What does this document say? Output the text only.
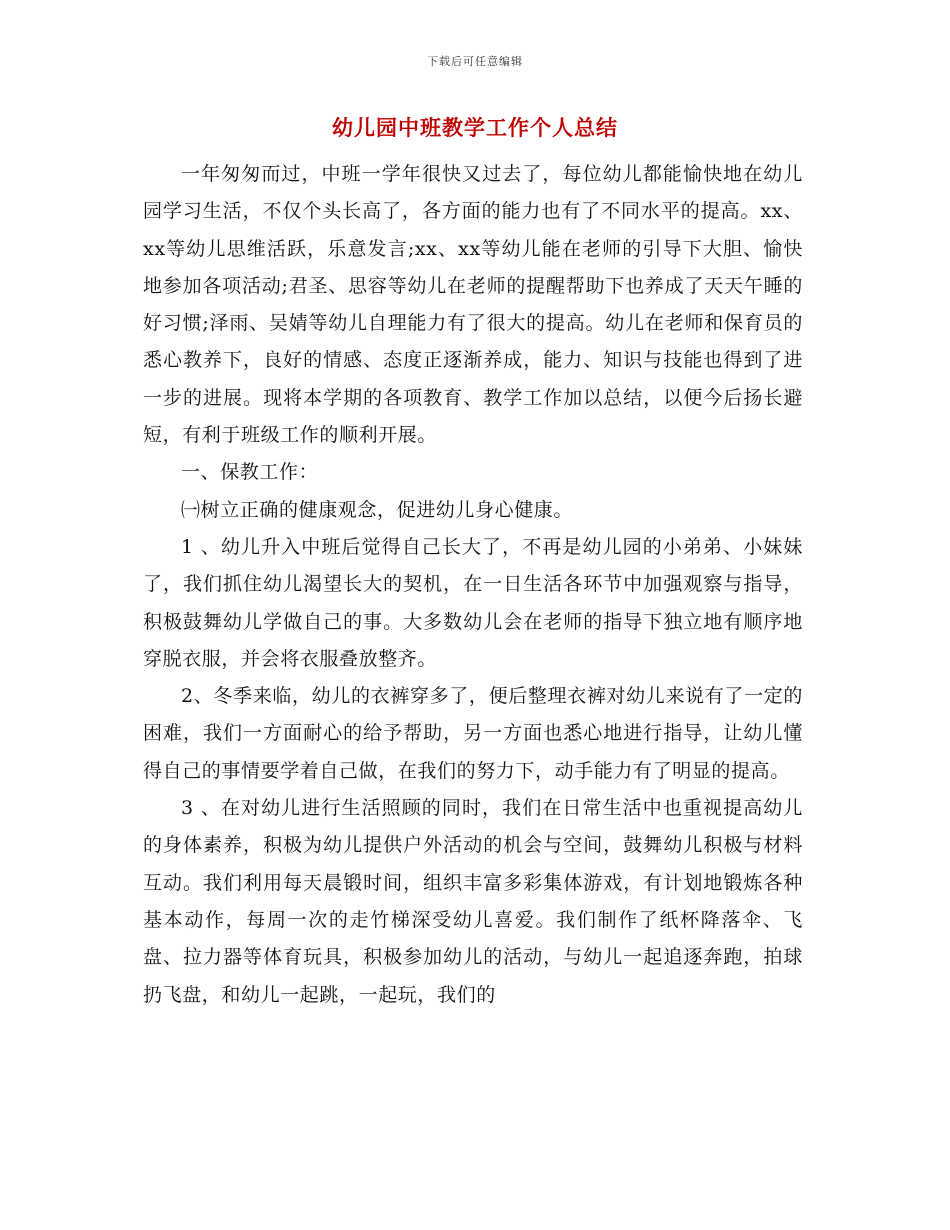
下载后可任意编辑
幼儿园中班教学工作个人总结

一年匆匆而过，中班一学年很快又过去了，每位幼儿都能愉快地在幼儿园学习生活，不仅个头长高了，各方面的能力也有了不同水平的提高。xx、xx等幼儿思维活跃，乐意发言;xx、xx等幼儿能在老师的引导下大胆、愉快地参加各项活动;君圣、思容等幼儿在老师的提醒帮助下也养成了天天午睡的好习惯;泽雨、吴婧等幼儿自理能力有了很大的提高。幼儿在老师和保育员的悉心教养下，良好的情感、态度正逐渐养成，能力、知识与技能也得到了进一步的进展。现将本学期的各项教育、教学工作加以总结，以便今后扬长避短，有利于班级工作的顺利开展。

一、保教工作：

㈠树立正确的健康观念，促进幼儿身心健康。

1 、幼儿升入中班后觉得自己长大了，不再是幼儿园的小弟弟、小妹妹了，我们抓住幼儿渴望长大的契机，在一日生活各环节中加强观察与指导，积极鼓舞幼儿学做自己的事。大多数幼儿会在老师的指导下独立地有顺序地穿脱衣服，并会将衣服叠放整齐。

2、冬季来临，幼儿的衣裤穿多了，便后整理衣裤对幼儿来说有了一定的困难，我们一方面耐心的给予帮助，另一方面也悉心地进行指导，让幼儿懂得自己的事情要学着自己做，在我们的努力下，动手能力有了明显的提高。

3 、在对幼儿进行生活照顾的同时，我们在日常生活中也重视提高幼儿的身体素养，积极为幼儿提供户外活动的机会与空间，鼓舞幼儿积极与材料互动。我们利用每天晨锻时间，组织丰富多彩集体游戏，有计划地锻炼各种基本动作，每周一次的走竹梯深受幼儿喜爱。我们制作了纸杯降落伞、飞盘、拉力器等体育玩具，积极参加幼儿的活动，与幼儿一起追逐奔跑，拍球扔飞盘，和幼儿一起跳，一起玩，我们的
